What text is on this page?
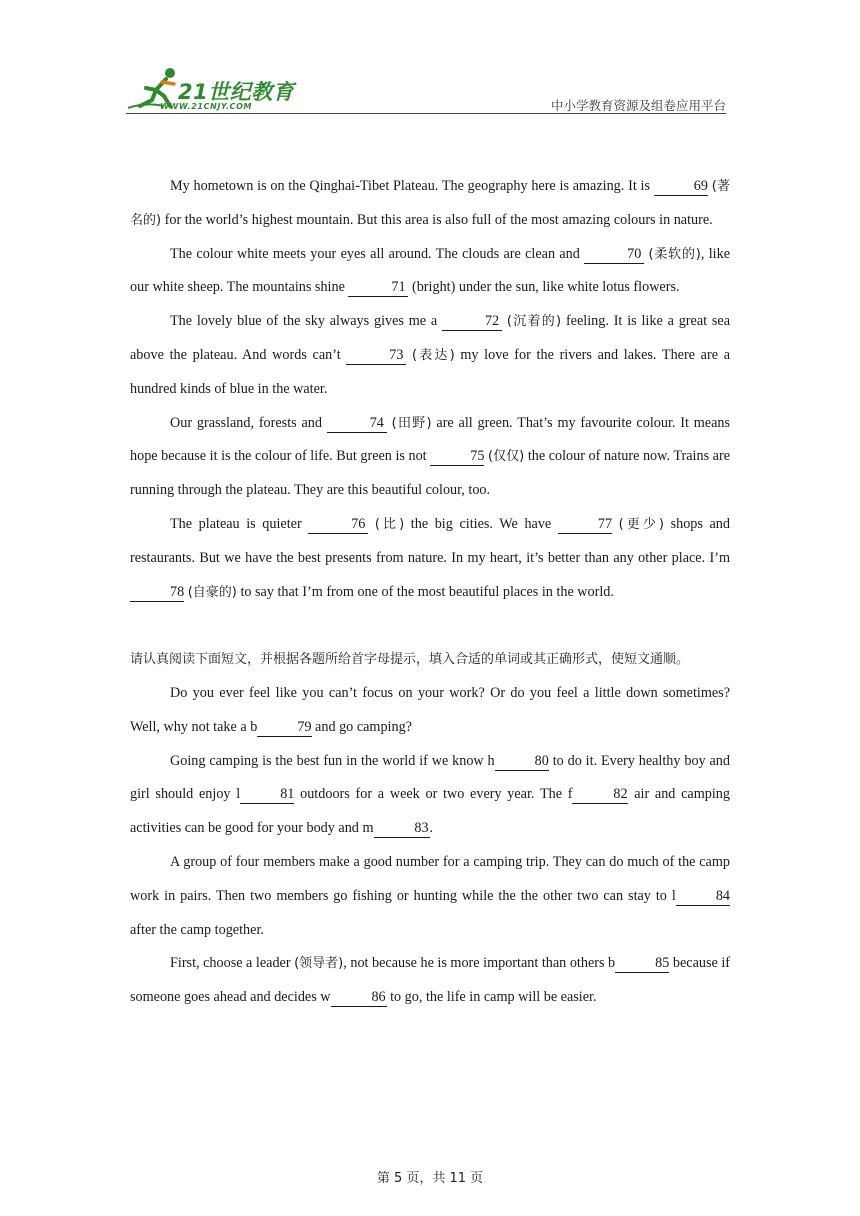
21世纪教育
WWW.21CNJY.COM	中小学教育资源及组卷应用平台

My hometown is on the Qinghai-Tibet Plateau. The geography here is amazing. It is	69 (著名的) for the world’s highest mountain. But this area is also full of the most amazing colours in nature.

The colour white meets your eyes all around. The clouds are clean and	70 (柔软的), like our white sheep. The mountains shine	71 (bright) under the sun, like white lotus flowers.

The lovely blue of the sky always gives me a	72 (沉着的) feeling. It is like a great sea above the plateau. And words can’t	73 (表达) my love for the rivers and lakes. There are a hundred kinds of blue in the water.

Our grassland, forests and	74 (田野) are all green. That’s my favourite colour. It means hope because it is the colour of life. But green is not	75 (仅仅) the colour of nature now. Trains are running through the plateau. They are this beautiful colour, too.

The plateau is quieter	76 (比) the big cities. We have	77 (更少) shops and restaurants. But we have the best presents from nature. In my heart, it’s better than any other place. I’m 78 (自豪的) to say that I’m from one of the most beautiful places in the world.

请认真阅读下面短文，并根据各题所给首字母提示，填入合适的单词或其正确形式，使短文通顺。

Do you ever feel like you can’t focus on your work? Or do you feel a little down sometimes? Well, why not take a b	79 and go camping?

Going camping is the best fun in the world if we know h	80 to do it. Every healthy boy and girl should enjoy l	81 outdoors for a week or two every year. The f	82 air and camping activities can be good for your body and m	83.

A group of four members make a good number for a camping trip. They can do much of the camp work in pairs. Then two members go fishing or hunting while the the other two can stay to l	84 after the camp together.

First, choose a leader (领导者), not because he is more important than others b	85 because if someone goes ahead and decides w	86 to go, the life in camp will be easier.

第 5 页，共 11 页
